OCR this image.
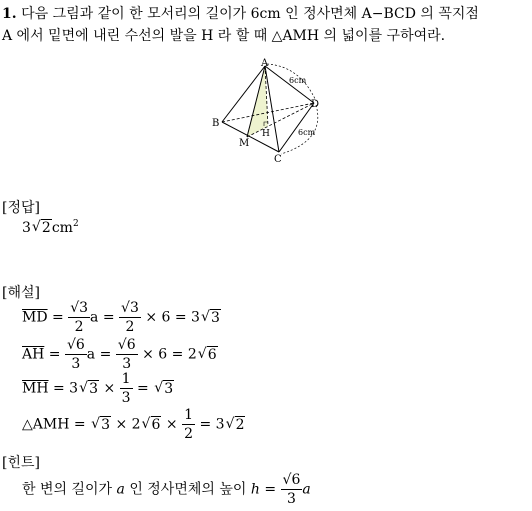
1. 다음 그림과 같이 한 모서리의 길이가 6cm 인 정사면체 A−BCD 의 꼭지점
A 에서 밑면에 내린 수선의 발을 H 라 할 때 △AMH 의 넓이를 구하여라.
A
B
C
D
M
H
6cm
6cm
[정답]
3 √ $2cm^2$
[해설]
$\overline{MD} = \frac{√3}{2}$ $a = \frac{√3}{2} \times 6 = 3$ √ 3
$\overline{AH} = \frac{√6}{3}$ $a = \frac{√6}{3} \times 6 = 2$ √ 6
$\overline{MH} = 3$ √ $3 \times \frac{1}{3}$ = √ 3
△AMH = √ 3 × 2 √ $6 \times \frac{1}{2} = 3$ √ 2
[힌트]
한 변의 길이가 a 인 정사면체의 높이 $h = \frac{√6}{3}$ a
